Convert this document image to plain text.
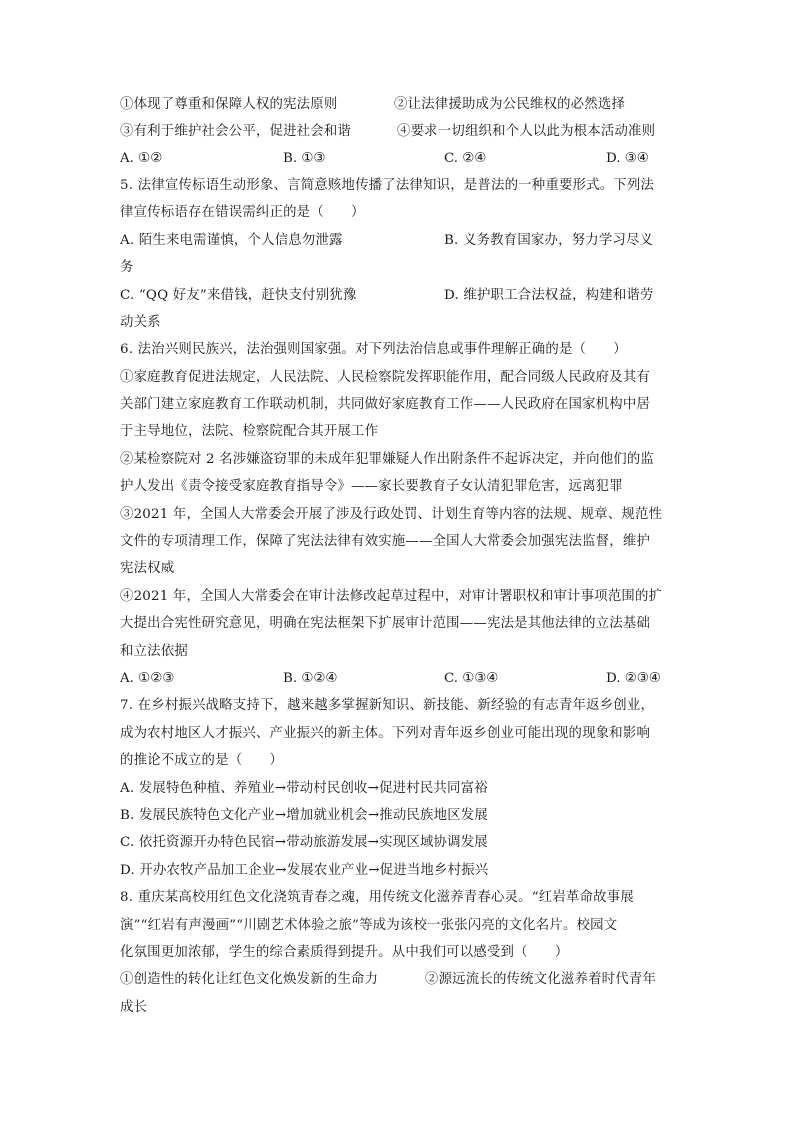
①体现了尊重和保障人权的宪法原则	②让法律援助成为公民维权的必然选择
③有利于维护社会公平，促进社会和谐	④要求一切组织和个人以此为根本活动准则
A. ①②	B. ①③	C. ②④	D. ③④
5. 法律宣传标语生动形象、言简意赅地传播了法律知识，是普法的一种重要形式。下列法
律宣传标语存在错误需纠正的是（　　）
A. 陌生来电需谨慎，个人信息勿泄露	B. 义务教育国家办，努力学习尽义
务
C. “QQ 好友”来借钱，赶快支付别犹豫	D. 维护职工合法权益，构建和谐劳
动关系
6. 法治兴则民族兴，法治强则国家强。对下列法治信息或事件理解正确的是（　　）
①家庭教育促进法规定，人民法院、人民检察院发挥职能作用，配合同级人民政府及其有
关部门建立家庭教育工作联动机制，共同做好家庭教育工作——人民政府在国家机构中居
于主导地位，法院、检察院配合其开展工作
②某检察院对 2 名涉嫌盗窃罪的未成年犯罪嫌疑人作出附条件不起诉决定，并向他们的监
护人发出《责令接受家庭教育指导令》——家长要教育子女认清犯罪危害，远离犯罪
③2021 年，全国人大常委会开展了涉及行政处罚、计划生育等内容的法规、规章、规范性
文件的专项清理工作，保障了宪法法律有效实施——全国人大常委会加强宪法监督，维护
宪法权威
④2021 年，全国人大常委会在审计法修改起草过程中，对审计署职权和审计事项范围的扩
大提出合宪性研究意见，明确在宪法框架下扩展审计范围——宪法是其他法律的立法基础
和立法依据
A. ①②③	B. ①②④	C. ①③④	D. ②③④
7. 在乡村振兴战略支持下，越来越多掌握新知识、新技能、新经验的有志青年返乡创业，
成为农村地区人才振兴、产业振兴的新主体。下列对青年返乡创业可能出现的现象和影响
的推论不成立的是（　　）
A. 发展特色种植、养殖业→带动村民创收→促进村民共同富裕
B. 发展民族特色文化产业→增加就业机会→推动民族地区发展
C. 依托资源开办特色民宿→带动旅游发展→实现区域协调发展
D. 开办农牧产品加工企业→发展农业产业→促进当地乡村振兴
8. 重庆某高校用红色文化浇筑青春之魂，用传统文化滋养青春心灵。“红岩革命故事展
演”“红岩有声漫画”“川剧艺术体验之旅”等成为该校一张张闪亮的文化名片。校园文
化氛围更加浓郁，学生的综合素质得到提升。从中我们可以感受到（　　）
①创造性的转化让红色文化焕发新的生命力	②源远流长的传统文化滋养着时代青年
成长
